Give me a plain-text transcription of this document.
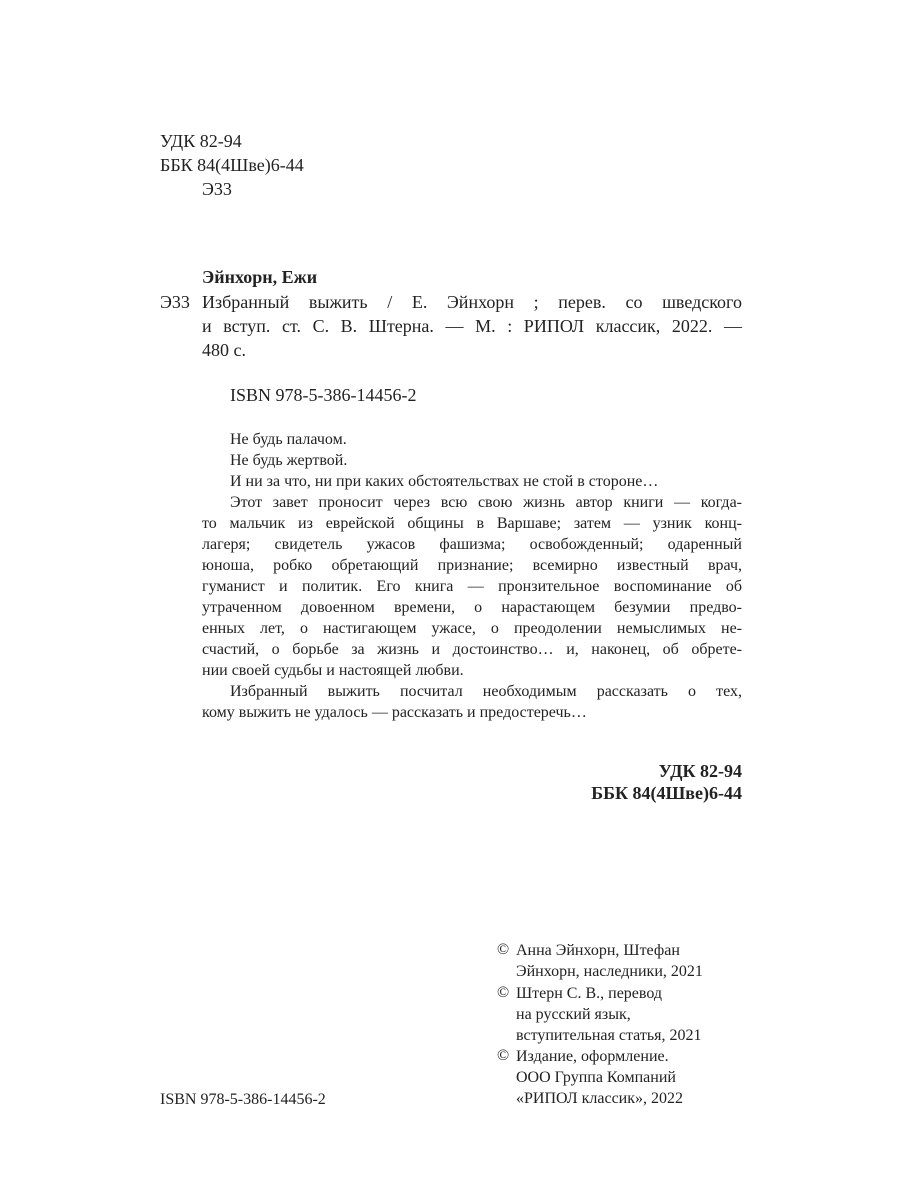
УДК 82-94
ББК 84(4Шве)6-44
Э33
Эйнхорн, Ежи
Э33 Избранный выжить / Е. Эйнхорн ; перев. со шведского
и вступ. ст. С. В. Штерна. — М. : РИПОЛ классик, 2022. —
480 с.
ISBN 978-5-386-14456-2
Не будь палачом.
Не будь жертвой.
И ни за что, ни при каких обстоятельствах не стой в стороне…
Этот завет проносит через всю свою жизнь автор книги — когда-
то мальчик из еврейской общины в Варшаве; затем — узник конц-
лагеря; свидетель ужасов фашизма; освобожденный; одаренный
юноша, робко обретающий признание; всемирно известный врач,
гуманист и политик. Его книга — пронзительное воспоминание об
утраченном довоенном времени, о нарастающем безумии предво-
енных лет, о настигающем ужасе, о преодолении немыслимых не-
счастий, о борьбе за жизнь и достоинство… и, наконец, об обрете-
нии своей судьбы и настоящей любви.
Избранный выжить посчитал необходимым рассказать о тех,
кому выжить не удалось — рассказать и предостеречь…
УДК 82-94
ББК 84(4Шве)6-44
ISBN 978-5-386-14456-2
© Анна Эйнхорн, Штефан
Эйнхорн, наследники, 2021
© Штерн С. В., перевод
на русский язык,
вступительная статья, 2021
© Издание, оформление.
ООО Группа Компаний
«РИПОЛ классик», 2022
